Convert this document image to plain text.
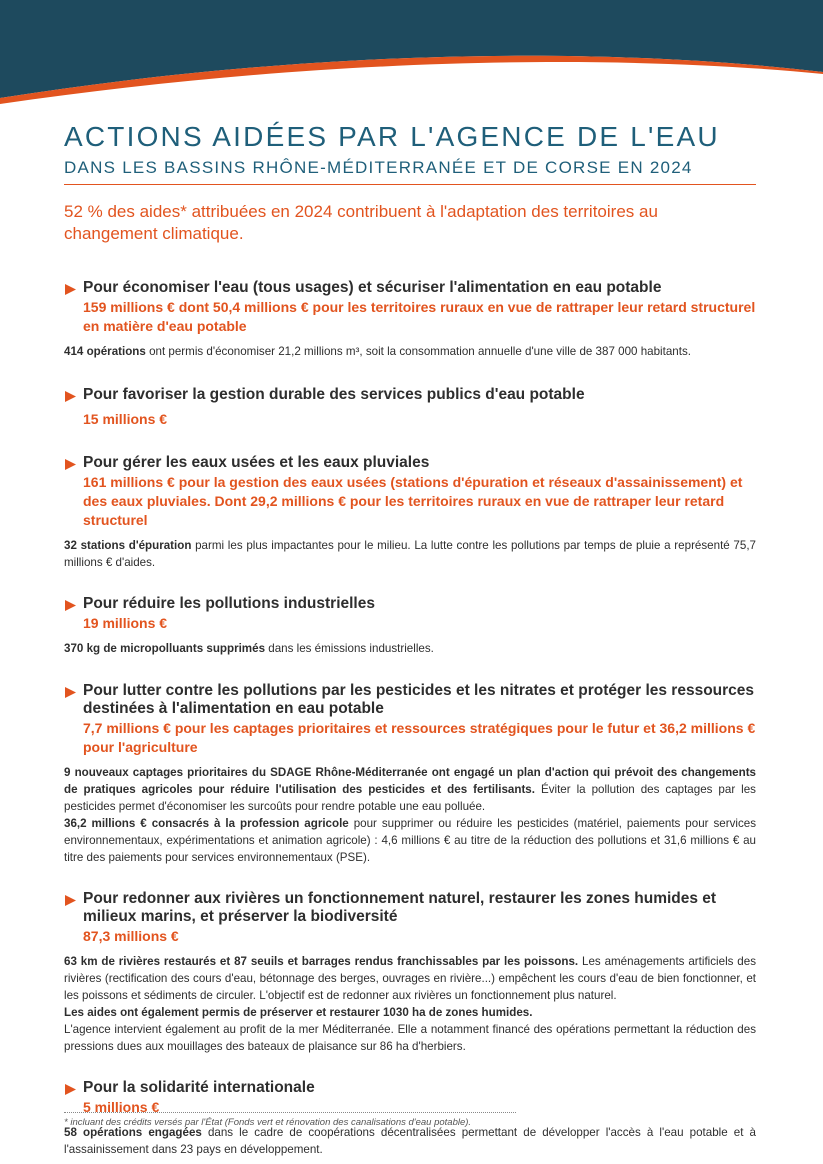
ACTIONS AIDÉES PAR L'AGENCE DE L'EAU
DANS LES BASSINS RHÔNE-MÉDITERRANÉE ET DE CORSE EN 2024

52 % des aides* attribuées en 2024 contribuent à l'adaptation des territoires au changement climatique.

Pour économiser l'eau (tous usages) et sécuriser l'alimentation en eau potable

159 millions € dont 50,4 millions € pour les territoires ruraux en vue de rattraper leur retard structurel en matière d'eau potable

414 opérations ont permis d'économiser 21,2 millions m³, soit la consommation annuelle d'une ville de 387 000 habitants.

Pour favoriser la gestion durable des services publics d'eau potable

15 millions €

Pour gérer les eaux usées et les eaux pluviales

161 millions € pour la gestion des eaux usées (stations d'épuration et réseaux d'assainissement) et des eaux pluviales. Dont 29,2 millions € pour les territoires ruraux en vue de rattraper leur retard structurel

32 stations d'épuration parmi les plus impactantes pour le milieu. La lutte contre les pollutions par temps de pluie a représenté 75,7 millions € d'aides.

Pour réduire les pollutions industrielles

19 millions €

370 kg de micropolluants supprimés dans les émissions industrielles.

Pour lutter contre les pollutions par les pesticides et les nitrates et protéger les ressources destinées à l'alimentation en eau potable

7,7 millions € pour les captages prioritaires et ressources stratégiques pour le futur et 36,2 millions € pour l'agriculture

9 nouveaux captages prioritaires du SDAGE Rhône-Méditerranée ont engagé un plan d'action qui prévoit des changements de pratiques agricoles pour réduire l'utilisation des pesticides et des fertilisants. Éviter la pollution des captages par les pesticides permet d'économiser les surcoûts pour rendre potable une eau polluée.
36,2 millions € consacrés à la profession agricole pour supprimer ou réduire les pesticides (matériel, paiements pour services environnementaux, expérimentations et animation agricole) : 4,6 millions € au titre de la réduction des pollutions et 31,6 millions € au titre des paiements pour services environnementaux (PSE).

Pour redonner aux rivières un fonctionnement naturel, restaurer les zones humides et milieux marins, et préserver la biodiversité

87,3 millions €

63 km de rivières restaurés et 87 seuils et barrages rendus franchissables par les poissons. Les aménagements artificiels des rivières (rectification des cours d'eau, bétonnage des berges, ouvrages en rivière...) empêchent les cours d'eau de bien fonctionner, et les poissons et sédiments de circuler. L'objectif est de redonner aux rivières un fonctionnement plus naturel.
Les aides ont également permis de préserver et restaurer 1030 ha de zones humides.
L'agence intervient également au profit de la mer Méditerranée. Elle a notamment financé des opérations permettant la réduction des pressions dues aux mouillages des bateaux de plaisance sur 86 ha d'herbiers.

Pour la solidarité internationale

5 millions €

58 opérations engagées dans le cadre de coopérations décentralisées permettant de développer l'accès à l'eau potable et à l'assainissement dans 23 pays en développement.

* incluant des crédits versés par l'État (Fonds vert et rénovation des canalisations d'eau potable).
